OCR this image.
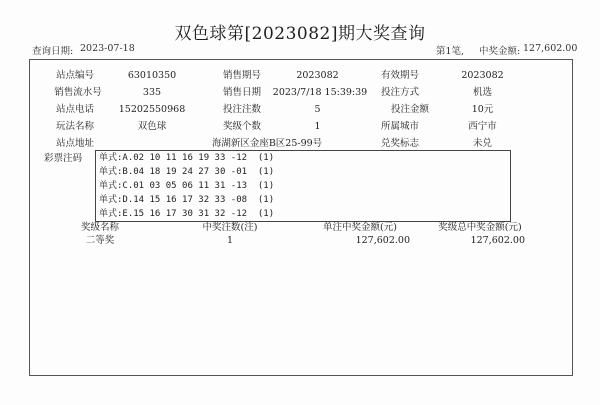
双色球第[2023082]期大奖查询
查询日期: 2023-07-18	第1笔, 中奖金额: 127,602.00
站点编号	63010350	销售期号	2023082	有效期号	2023082
销售流水号	335	销售日期	2023/7/18 15:39:39	投注方式	机选
站点电话	15202550968	投注注数	5	投注金额	10元
玩法名称	双色球	奖级个数	1	所属城市	西宁市
站点地址	海湖新区金座B区25-99号	兑奖标志	未兑
彩票注码	单式:A.02 10 11 16 19 33 -12  (1)
单式:B.04 18 19 24 27 30 -01  (1)
单式:C.01 03 05 06 11 31 -13  (1)
单式:D.14 15 16 17 32 33 -08  (1)
单式:E.15 16 17 30 31 32 -12  (1)
奖级名称	中奖注数(注)	单注中奖金额(元)	奖级总中奖金额(元)
二等奖	1	127,602.00	127,602.00
